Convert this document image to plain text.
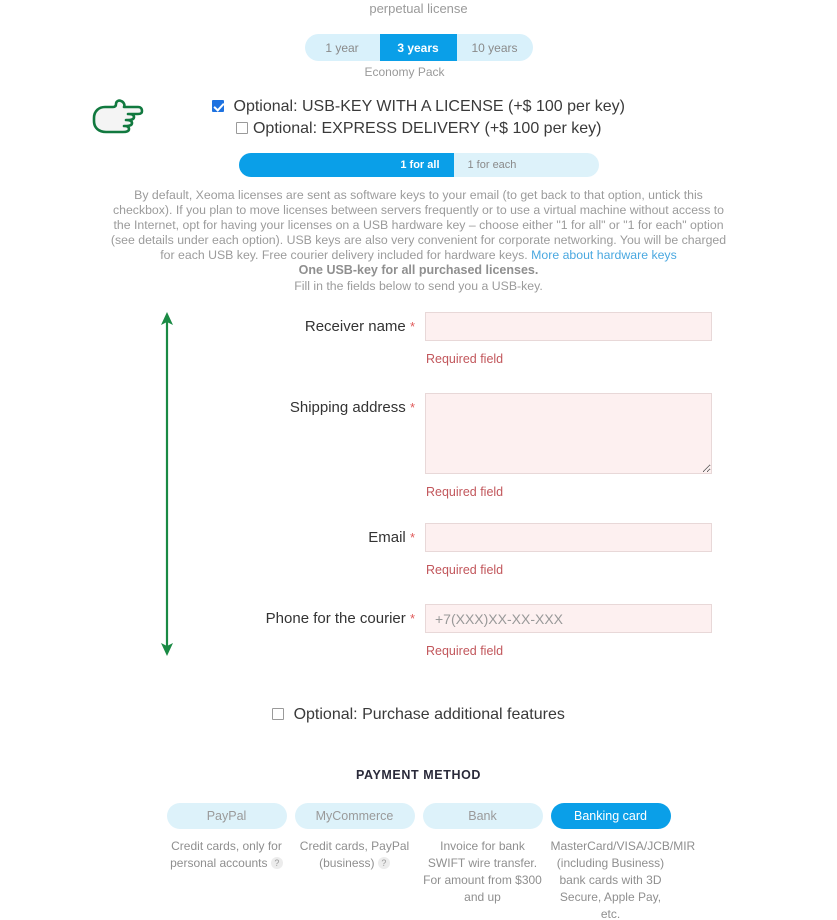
perpetual license
1 year	3 years	10 years
Economy Pack
Optional: USB-KEY WITH A LICENSE (+$ 100 per key)
Optional: EXPRESS DELIVERY (+$ 100 per key)
1 for all	1 for each
By default, Xeoma licenses are sent as software keys to your email (to get back to that option, untick this checkbox). If you plan to move licenses between servers frequently or to use a virtual machine without access to the Internet, opt for having your licenses on a USB hardware key – choose either "1 for all" or "1 for each" option (see details under each option). USB keys are also very convenient for corporate networking. You will be charged for each USB key. Free courier delivery included for hardware keys. More about hardware keys
One USB-key for all purchased licenses.
Fill in the fields below to send you a USB-key.
Receiver name *
Required field
Shipping address *
Required field
Email *
Required field
Phone for the courier *
+7(XXX)XX-XX-XXX
Required field
Optional: Purchase additional features
PAYMENT METHOD
PayPal	MyCommerce	Bank	Banking card
Credit cards, only for personal accounts ?
Credit cards, PayPal (business) ?
Invoice for bank SWIFT wire transfer. For amount from $300 and up
MasterCard/VISA/JCB/MIR (including Business) bank cards with 3D Secure, Apple Pay, etc.
